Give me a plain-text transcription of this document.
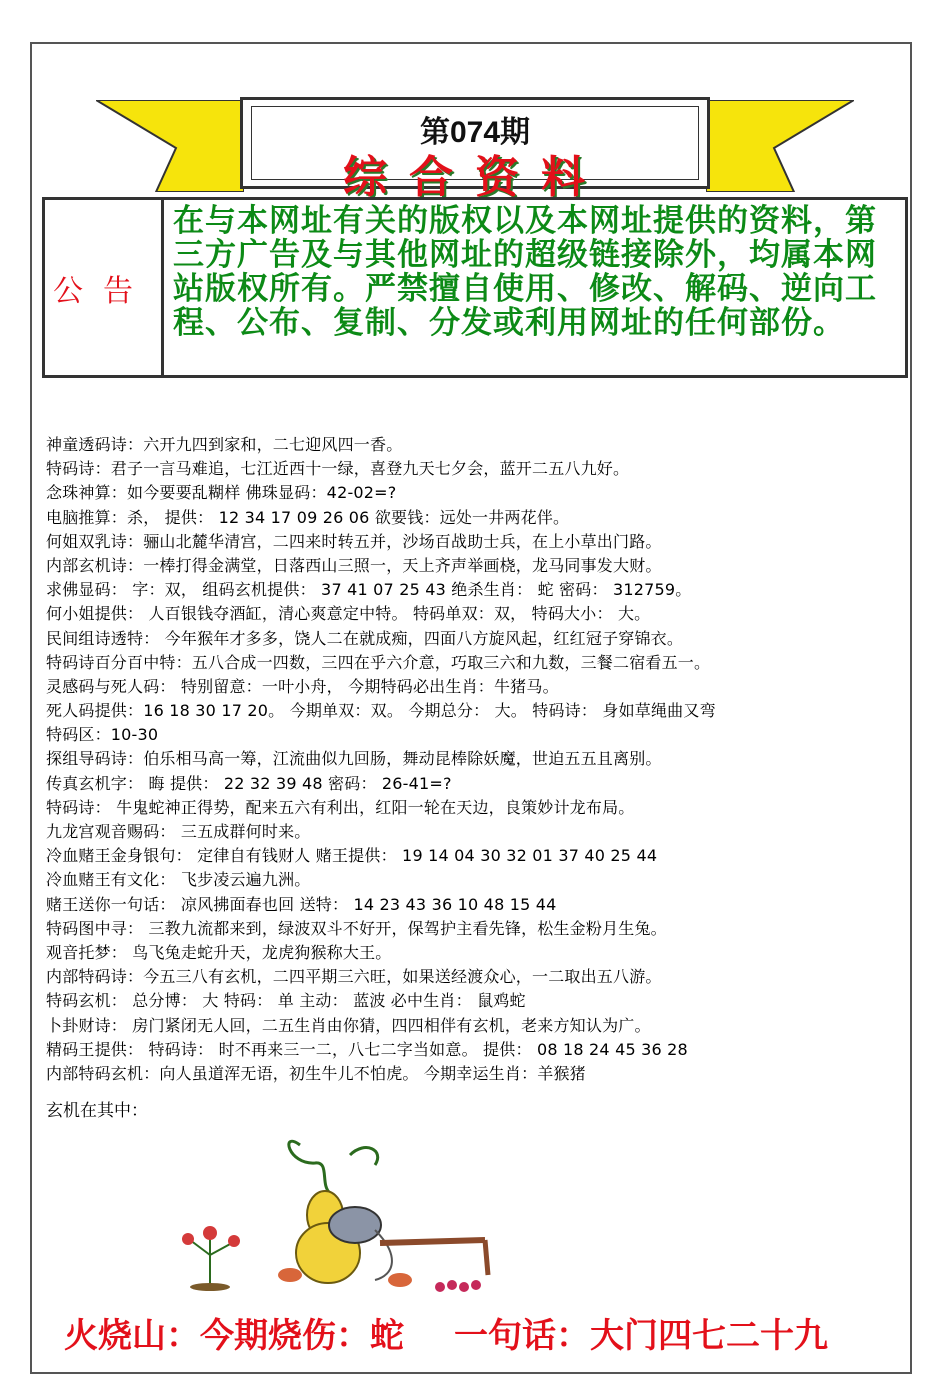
第074期
综合资料
公告
在与本网址有关的版权以及本网址提供的资料，第三方广告及与其他网址的超级链接除外，均属本网站版权所有。严禁擅自使用、修改、解码、逆向工程、公布、复制、分发或利用网址的任何部份。
神童透码诗：六开九四到家和，二七迎风四一香。
特码诗：君子一言马难追，七江近西十一绿，喜登九天七夕会，蓝开二五八九好。
念珠神算：如今要要乱糊样 佛珠显码：42-02=?
电脑推算：杀， 提供： 12 34 17 09 26 06 欲要钱：远处一井两花伴。
何姐双乳诗：骊山北麓华清宫，二四来时转五并，沙场百战助士兵，在上小草出门路。
内部玄机诗：一棒打得金满堂，日落西山三照一，天上齐声举画桡，龙马同事发大财。
求佛显码： 字：双， 组码玄机提供： 37 41 07 25 43 绝杀生肖： 蛇 密码： 312759。
何小姐提供： 人百银钱夺酒缸，清心爽意定中特。 特码单双：双， 特码大小： 大。
民间组诗透特： 今年猴年才多多，饶人二在就成痴，四面八方旋风起，红红冠子穿锦衣。
特码诗百分百中特：五八合成一四数，三四在乎六介意，巧取三六和九数，三餐二宿看五一。
灵感码与死人码： 特别留意：一叶小舟， 今期特码必出生肖：牛猪马。
死人码提供：16 18 30 17 20。 今期单双：双。 今期总分： 大。 特码诗： 身如草绳曲又弯
特码区：10-30
探组导码诗：伯乐相马高一筹，江流曲似九回肠，舞动昆棒除妖魔，世迫五五且离别。
传真玄机字： 晦 提供： 22 32 39 48 密码： 26-41=?
特码诗： 牛鬼蛇神正得势，配来五六有利出，红阳一轮在天边，良策妙计龙布局。
九龙宫观音赐码： 三五成群何时来。
冷血赌王金身银句： 定律自有钱财人 赌王提供： 19 14 04 30 32 01 37 40 25 44
冷血赌王有文化： 飞步凌云遍九洲。
赌王送你一句话： 凉风拂面春也回 送特： 14 23 43 36 10 48 15 44
特码图中寻： 三教九流都来到，绿波双斗不好开，保驾护主看先锋，松生金粉月生兔。
观音托梦： 鸟飞兔走蛇升天，龙虎狗猴称大王。
内部特码诗：今五三八有玄机，二四平期三六旺，如果送经渡众心，一二取出五八游。
特码玄机： 总分博： 大 特码： 单 主动： 蓝波 必中生肖： 鼠鸡蛇
卜卦财诗： 房门紧闭无人回，二五生肖由你猜，四四相伴有玄机，老来方知认为广。
精码王提供： 特码诗： 时不再来三一二，八七二字当如意。 提供： 08 18 24 45 36 28
内部特码玄机：向人虽道浑无语，初生牛儿不怕虎。 今期幸运生肖：羊猴猪
玄机在其中：
火烧山：今期烧伤：蛇 一句话：大门四七二十九
